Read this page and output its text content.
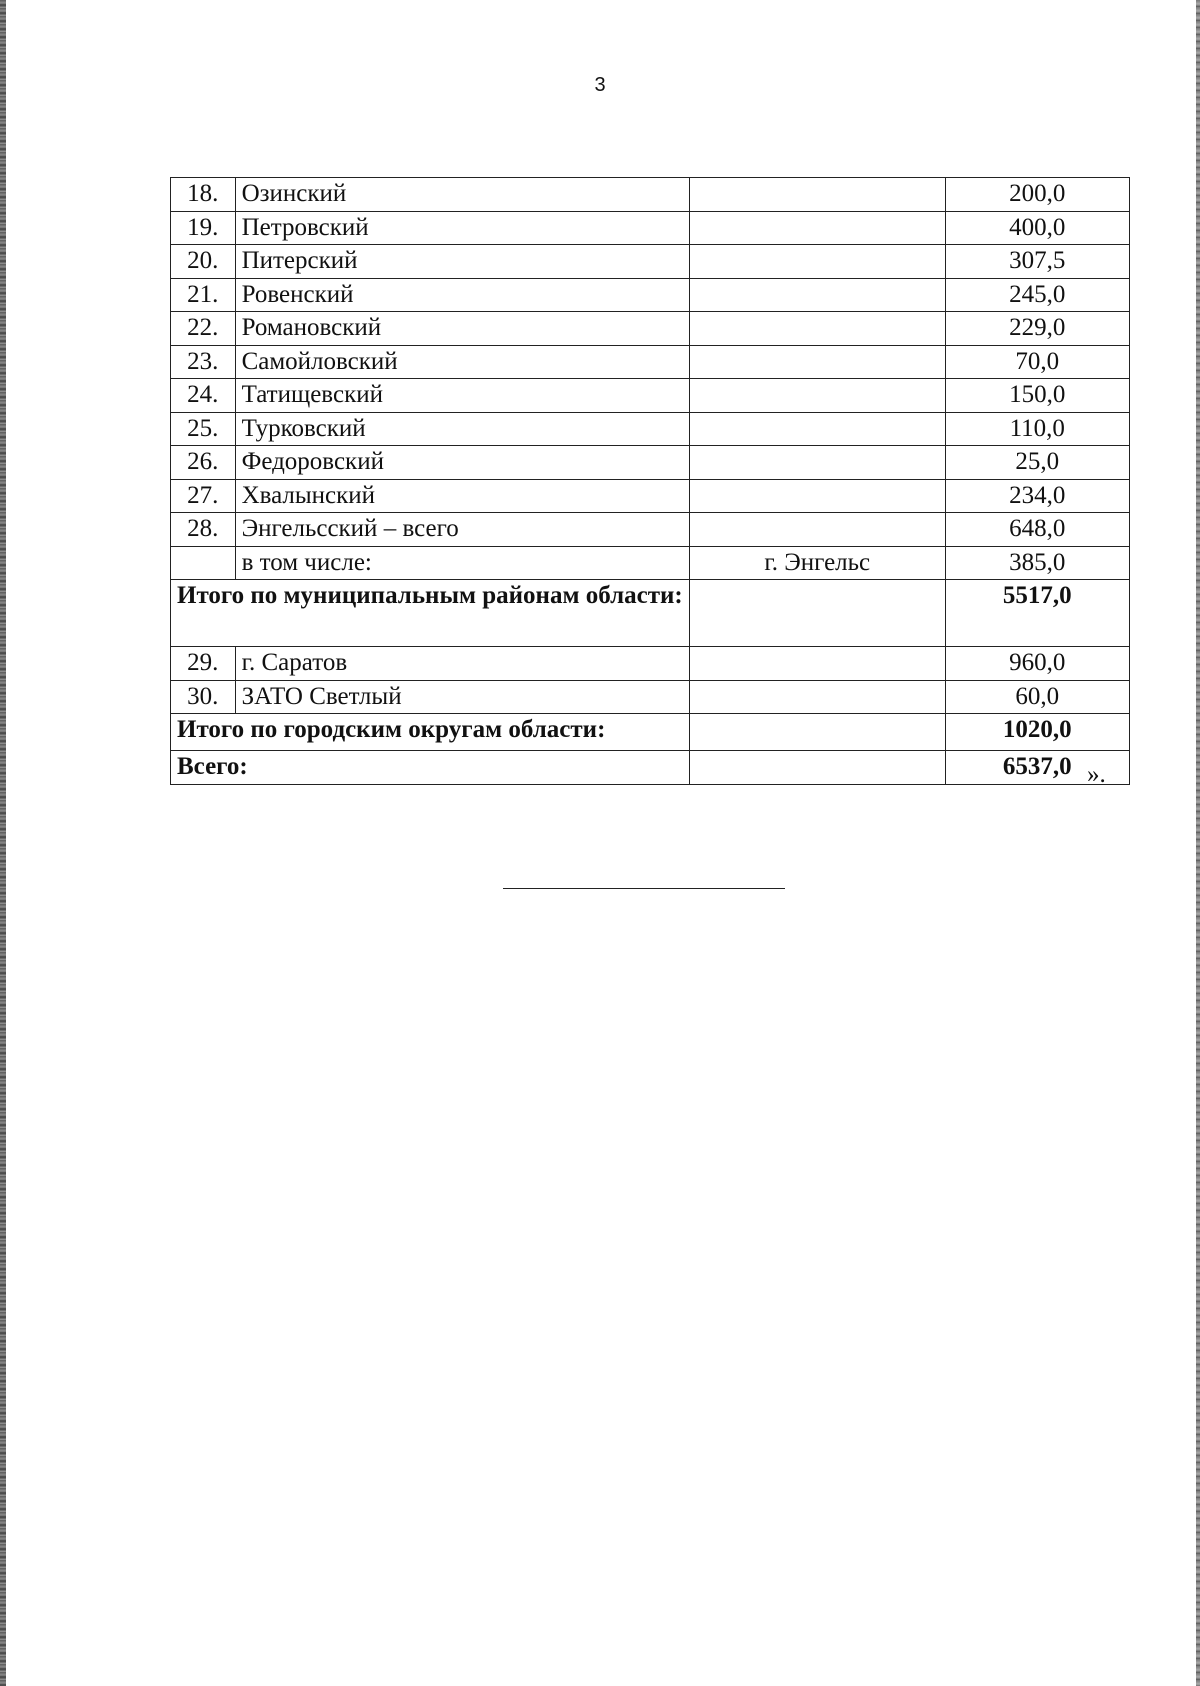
3
18.	Озинский		200,0
19.	Петровский		400,0
20.	Питерский		307,5
21.	Ровенский		245,0
22.	Романовский		229,0
23.	Самойловский		70,0
24.	Татищевский		150,0
25.	Турковский		110,0
26.	Федоровский		25,0
27.	Хвалынский		234,0
28.	Энгельсский – всего		648,0
	в том числе:	г. Энгельс	385,0
Итого по муниципальным районам области:			5517,0
29.	г. Саратов		960,0
30.	ЗАТО Светлый		60,0
Итого по городским округам области:			1020,0
Всего:			6537,0 ».
